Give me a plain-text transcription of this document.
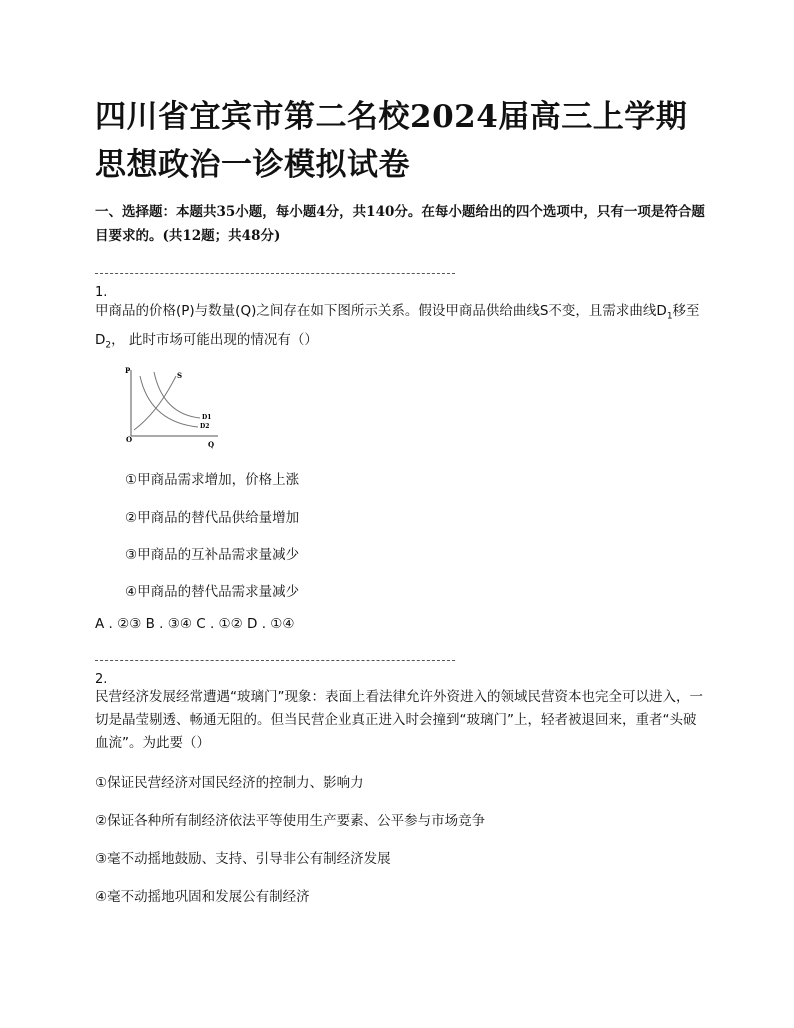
四川省宜宾市第二名校2024届高三上学期思想政治一诊模拟试卷
一、选择题：本题共35小题，每小题4分，共140分。在每小题给出的四个选项中，只有一项是符合题目要求的。(共12题；共48分)
1.
甲商品的价格(P)与数量(Q)之间存在如下图所示关系。假设甲商品供给曲线S不变，且需求曲线$D_1$移至$D_2$， 此时市场可能出现的情况有（）
P
O
Q
S
D1
D2
①甲商品需求增加，价格上涨
②甲商品的替代品供给量增加
③甲商品的互补品需求量减少
④甲商品的替代品需求量减少
A . ②③ B . ③④ C . ①② D . ①④
2.
民营经济发展经常遭遇“玻璃门”现象：表面上看法律允许外资进入的领域民营资本也完全可以进入，一切是晶莹剔透、畅通无阻的。但当民营企业真正进入时会撞到“玻璃门”上，轻者被退回来，重者“头破血流”。为此要（）
①保证民营经济对国民经济的控制力、影响力
②保证各种所有制经济依法平等使用生产要素、公平参与市场竞争
③毫不动摇地鼓励、支持、引导非公有制经济发展
④毫不动摇地巩固和发展公有制经济
